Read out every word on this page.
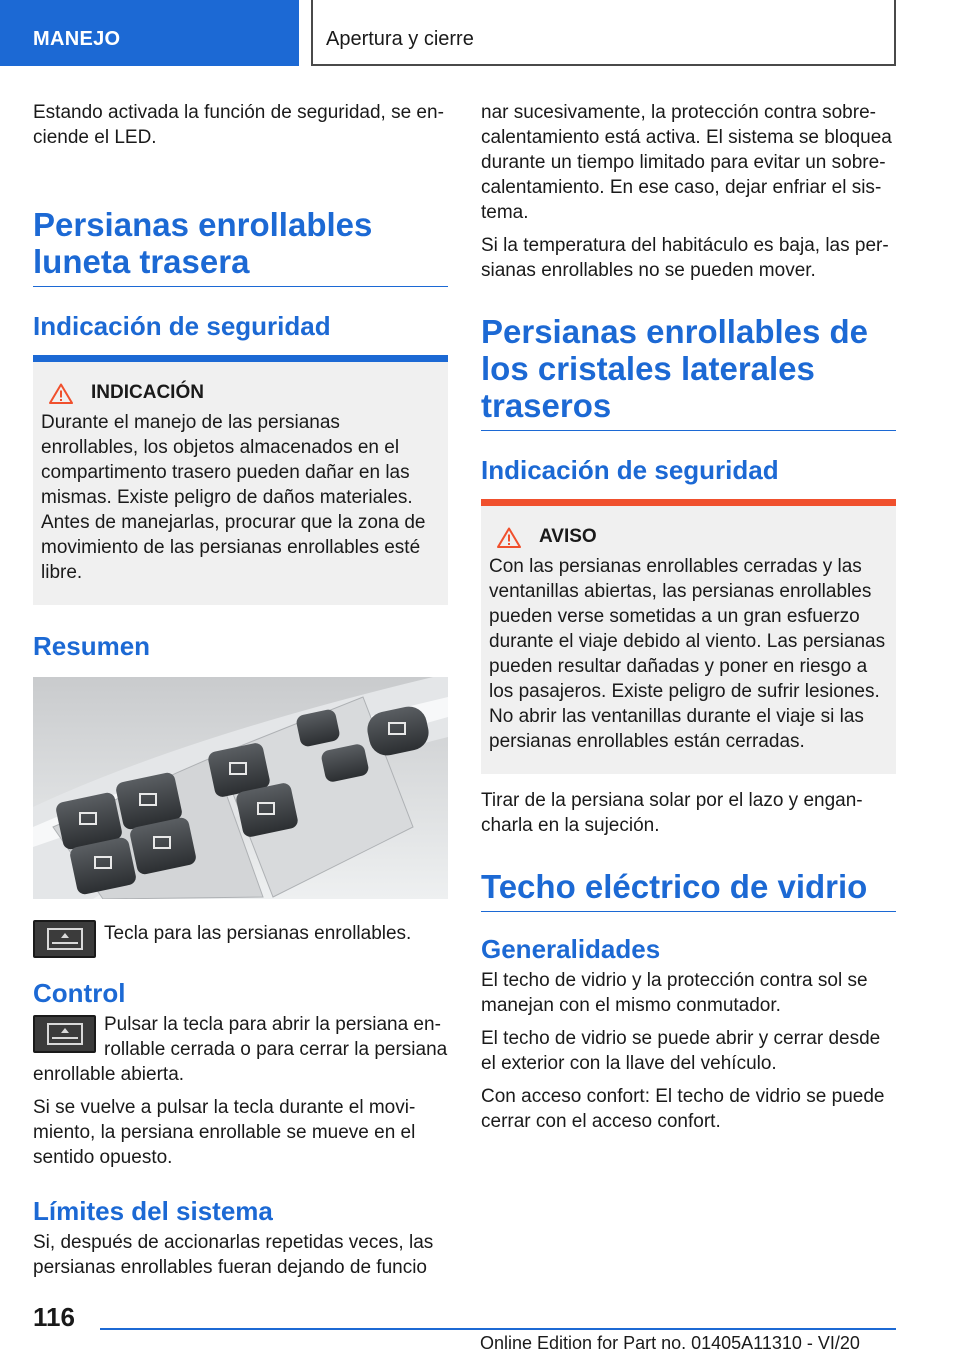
MANEJO	Apertura y cierre

Estando activada la función de seguridad, se enciende el LED.

Persianas enrollables luneta trasera
Indicación de seguridad
INDICACIÓN

Durante el manejo de las persianas enrollables, los objetos almacenados en el compartimento trasero pueden dañar en las mismas. Existe peligro de daños materiales. Antes de manejarlas, procurar que la zona de movimiento de las persianas enrollables esté libre.

Resumen

Tecla para las persianas enrollables.

Control

Pulsar la tecla para abrir la persiana enrollable cerrada o para cerrar la persiana enrollable abierta.

Si se vuelve a pulsar la tecla durante el movimiento, la persiana enrollable se mueve en el sentido opuesto.

Límites del sistema

Si, después de accionarlas repetidas veces, las persianas enrollables fueran dejando de funcio

nar sucesivamente, la protección contra sobrecalentamiento está activa. El sistema se bloquea durante un tiempo limitado para evitar un sobrecalentamiento. En ese caso, dejar enfriar el sistema.

Si la temperatura del habitáculo es baja, las persianas enrollables no se pueden mover.

Persianas enrollables de los cristales laterales traseros
Indicación de seguridad
AVISO

Con las persianas enrollables cerradas y las ventanillas abiertas, las persianas enrollables pueden verse sometidas a un gran esfuerzo durante el viaje debido al viento. Las persianas pueden resultar dañadas y poner en riesgo a los pasajeros. Existe peligro de sufrir lesiones. No abrir las ventanillas durante el viaje si las persianas enrollables están cerradas.

Tirar de la persiana solar por el lazo y engancharla en la sujeción.

Techo eléctrico de vidrio
Generalidades

El techo de vidrio y la protección contra sol se manejan con el mismo conmutador.

El techo de vidrio se puede abrir y cerrar desde el exterior con la llave del vehículo.

Con acceso confort: El techo de vidrio se puede cerrar con el acceso confort.

116
Online Edition for Part no. 01405A11310 - VI/20
